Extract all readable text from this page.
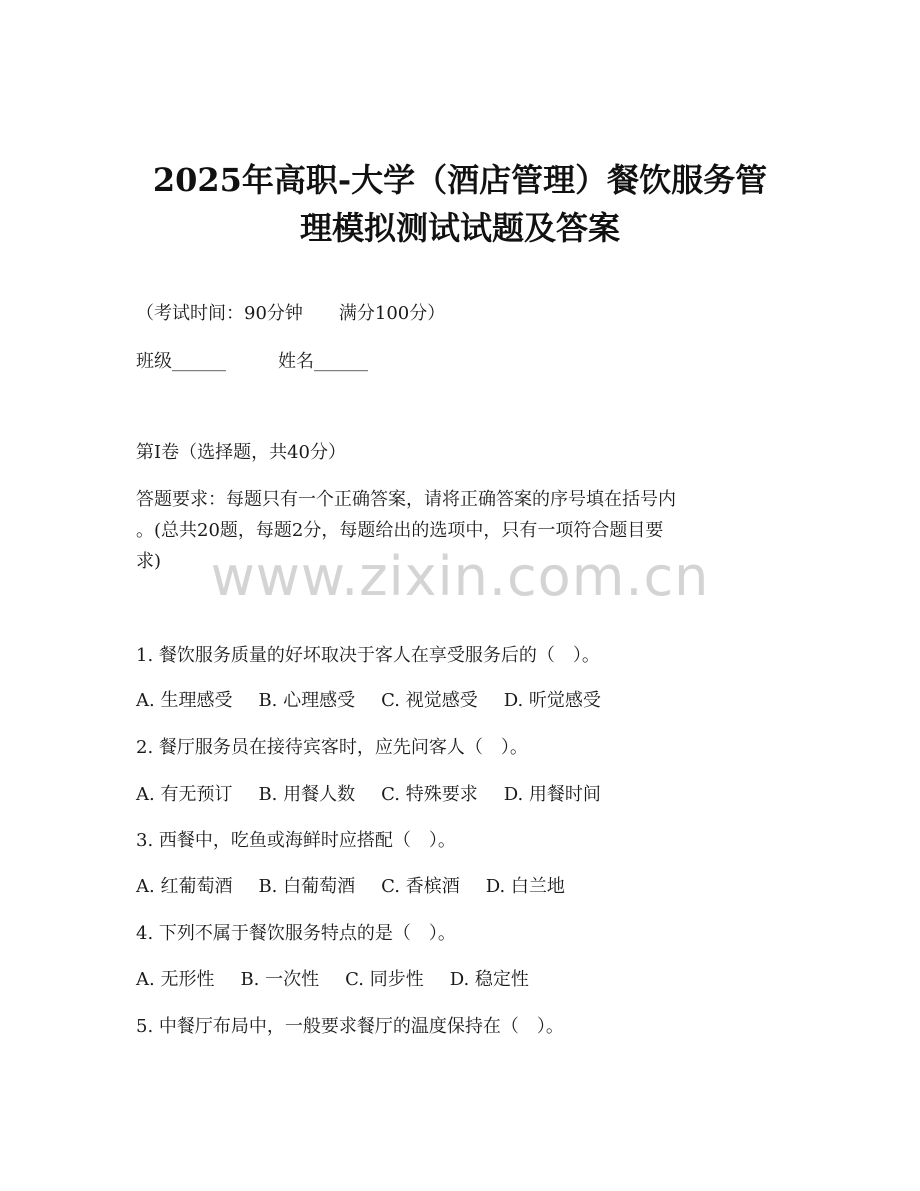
2025年高职-大学（酒店管理）餐饮服务管
理模拟测试试题及答案
（考试时间：90分钟　　满分100分）
班级______	姓名______
第Ⅰ卷（选择题，共40分）
答题要求：每题只有一个正确答案，请将正确答案的序号填在括号内
。(总共20题，每题2分，每题给出的选项中，只有一项符合题目要
求) www.zixin.com.cn
1. 餐饮服务质量的好坏取决于客人在享受服务后的（　）。
A. 生理感受 B. 心理感受 C. 视觉感受 D. 听觉感受
2. 餐厅服务员在接待宾客时，应先问客人（　）。
A. 有无预订 B. 用餐人数 C. 特殊要求 D. 用餐时间
3. 西餐中，吃鱼或海鲜时应搭配（　）。
A. 红葡萄酒 B. 白葡萄酒 C. 香槟酒 D. 白兰地
4. 下列不属于餐饮服务特点的是（　）。
A. 无形性 B. 一次性 C. 同步性 D. 稳定性
5. 中餐厅布局中，一般要求餐厅的温度保持在（　）。
